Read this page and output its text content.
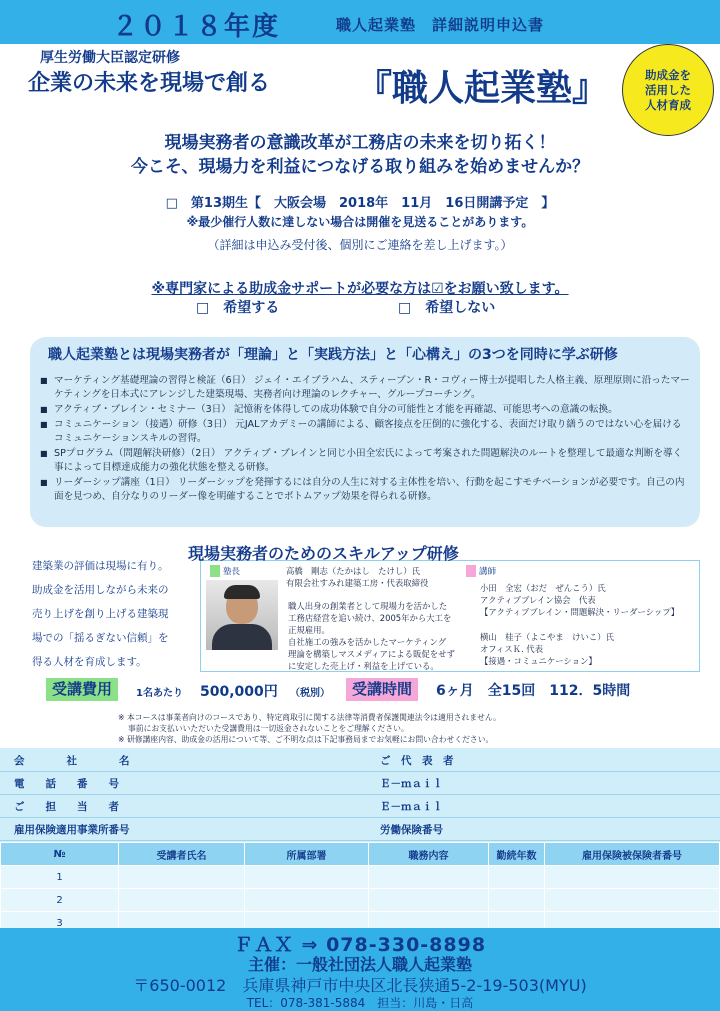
２０１８年度	職人起業塾　詳細説明申込書
厚生労働大臣認定研修
企業の未来を現場で創る 『職人起業塾』	助成金を
活用した
人材育成
現場実務者の意識改革が工務店の未来を切り拓く！
今こそ、現場力を利益につなげる取り組みを始めませんか？
□　第13期生【　大阪会場　2018年　11月　16日開講予定　】
※最少催行人数に達しない場合は開催を見送ることがあります。
（詳細は申込み受付後、個別にご連絡を差し上げます。）
※専門家による助成金サポートが必要な方は☑をお願い致します。
□　希望する	□　希望しない
職人起業塾とは現場実務者が「理論」と「実践方法」と「心構え」の3つを同時に学ぶ研修
■ マーケティング基礎理論の習得と検証（6日） ジェイ・エイブラハム、スティーブン・R・コヴィー博士が提唱した人格主義、原理原則に沿ったマーケティングを日本式にアレンジした建築現場、実務者向け理論のレクチャー、グループコーチング。
■ アクティブ・ブレイン・セミナー（3日） 記憶術を体得しての成功体験で自分の可能性と才能を再確認、可能思考への意識の転換。
■ コミュニケーション（接遇）研修（3日） 元JALアカデミーの講師による、顧客接点を圧倒的に強化する、表面だけ取り繕うのではない心を届けるコミュニケーションスキルの習得。
■ SPプログラム（問題解決研修）（2日） アクティブ・ブレインと同じ小田全宏氏によって考案された問題解決のルートを整理して最適な判断を導く事によって目標達成能力の強化状態を整える研修。
■ リーダーシップ講座（1日） リーダーシップを発揮するには自分の人生に対する主体性を培い、行動を起こすモチベーションが必要です。自己の内面を見つめ、自分なりのリーダー像を明確することでボトムアップ効果を得られる研修。
現場実務者のためのスキルアップ研修
建築業の評価は現場に有り。
助成金を活用しながら未来の
売り上げを創り上げる建築現
場での「揺るぎない信頼」を
得る人材を育成します。
塾長	講師
高橋　剛志（たかはし　たけし）氏
有限会社すみれ建築工房・代表取締役
職人出身の創業者として現場力を活かした
工務店経営を追い続け、2005年から大工を
正規雇用。
自社施工の強みを活かしたマーケティング
理論を構築しマスメディアによる販促をせず
に安定した売上げ・利益を上げている。
小田　全宏（おだ　ぜんこう）氏
アクティブブレイン協会　代表
【アクティブブレイン・問題解決・リーダーシップ】
横山　桂子（よこやま　けいこ）氏
オフィスＫ. 代表
【接遇・コミュニケーション】
受講費用	1名あたり 500,000円 （税別）	受講時間	6ヶ月　全15回　112．5時間
※ 本コースは事業者向けのコースであり、特定商取引に関する法律等消費者保護関連法令は適用されません。
事前にお支払いいただいた受講費用は一切返金されないことをご理解ください。
※ 研修講座内容、助成金の活用について等、ご不明な点は下記事務局までお気軽にお問い合わせください。
会　　　　社　　　　名	ご　代　表　者
電　　話　　番　　号	Ｅ－ｍａｉｌ
ご　　担　　当　　者	Ｅ－ｍａｉｌ
雇用保険適用事業所番号	労働保険番号
№	受講者氏名	所属部署	職務内容	勤続年数	雇用保険被保険者番号
1					
2					
3					
ＦＡＸ ⇒ 078-330-8898
主催：一般社団法人職人起業塾
〒650-0012　兵庫県神戸市中央区北長狭通5-2-19-503(MYU)
TEL：078-381-5884　担当：川島・日高
